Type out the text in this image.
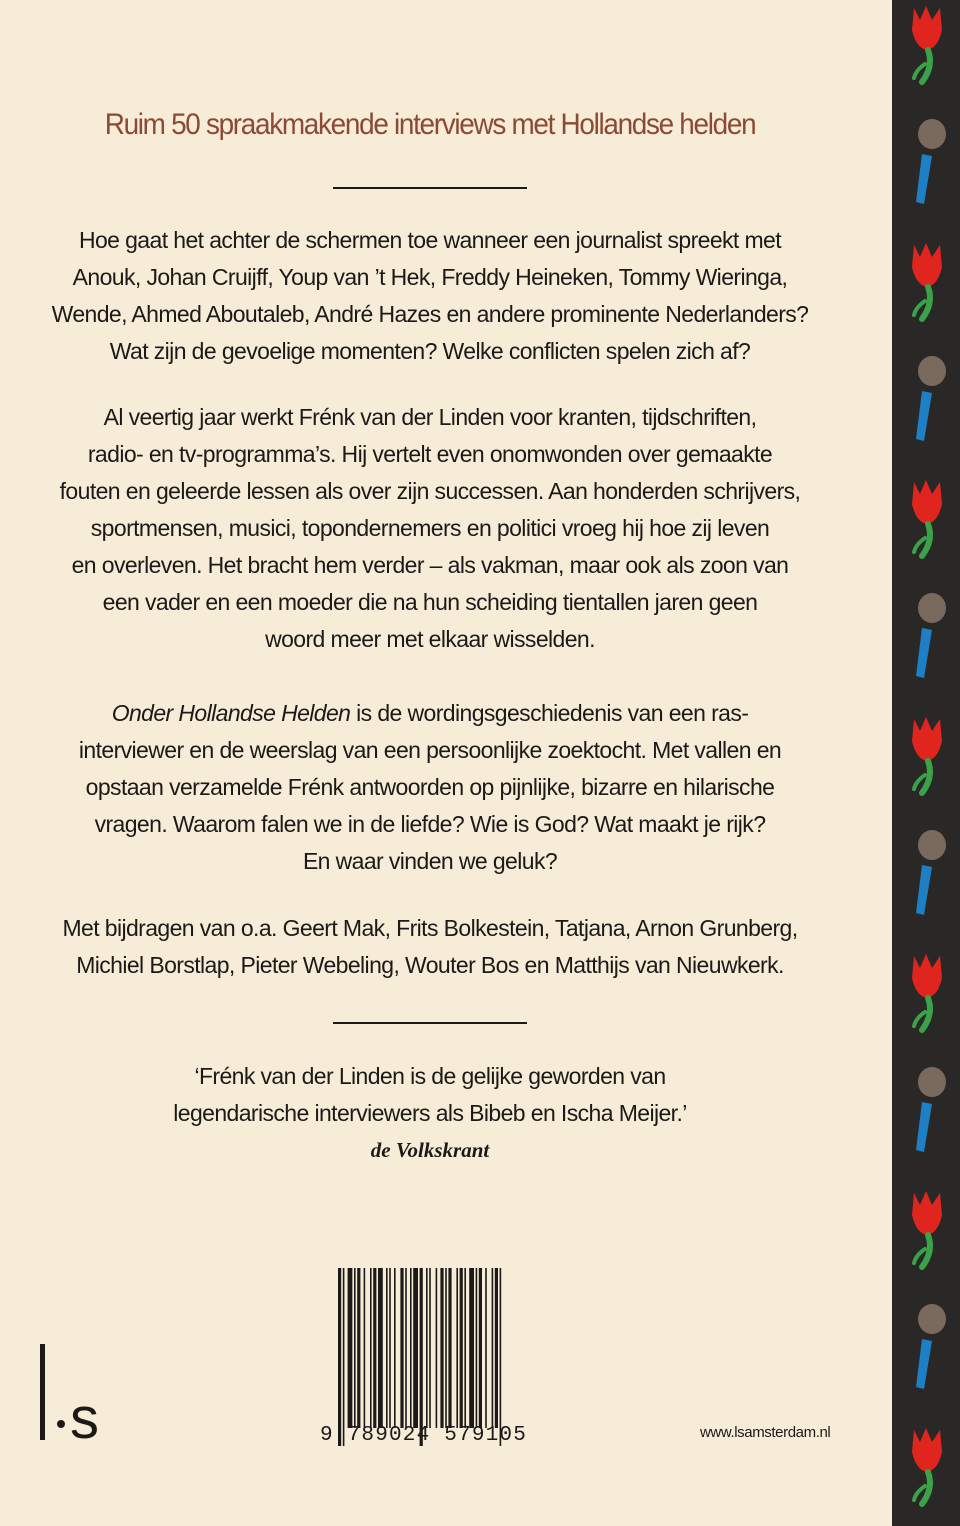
Ruim 50 spraakmakende interviews met Hollandse helden
Hoe gaat het achter de schermen toe wanneer een journalist spreekt met
Anouk, Johan Cruijff, Youp van ’t Hek, Freddy Heineken, Tommy Wieringa,
Wende, Ahmed Aboutaleb, André Hazes en andere prominente Nederlanders?
Wat zijn de gevoelige momenten? Welke conflicten spelen zich af?
Al veertig jaar werkt Frénk van der Linden voor kranten, tijdschriften,
radio- en tv-programma’s. Hij vertelt even onomwonden over gemaakte
fouten en geleerde lessen als over zijn successen. Aan honderden schrijvers,
sportmensen, musici, topondernemers en politici vroeg hij hoe zij leven
en overleven. Het bracht hem verder – als vakman, maar ook als zoon van
een vader en een moeder die na hun scheiding tientallen jaren geen
woord meer met elkaar wisselden.
Onder Hollandse Helden is de wordingsgeschiedenis van een ras-
interviewer en de weerslag van een persoonlijke zoektocht. Met vallen en
opstaan verzamelde Frénk antwoorden op pijnlijke, bizarre en hilarische
vragen. Waarom falen we in de liefde? Wie is God? Wat maakt je rijk?
En waar vinden we geluk?
Met bijdragen van o.a. Geert Mak, Frits Bolkestein, Tatjana, Arnon Grunberg,
Michiel Borstlap, Pieter Webeling, Wouter Bos en Matthijs van Nieuwkerk.
‘Frénk van der Linden is de gelijke geworden van
legendarische interviewers als Bibeb en Ischa Meijer.’
de Volkskrant
s	9 789024 579105	www.lsamsterdam.nl
